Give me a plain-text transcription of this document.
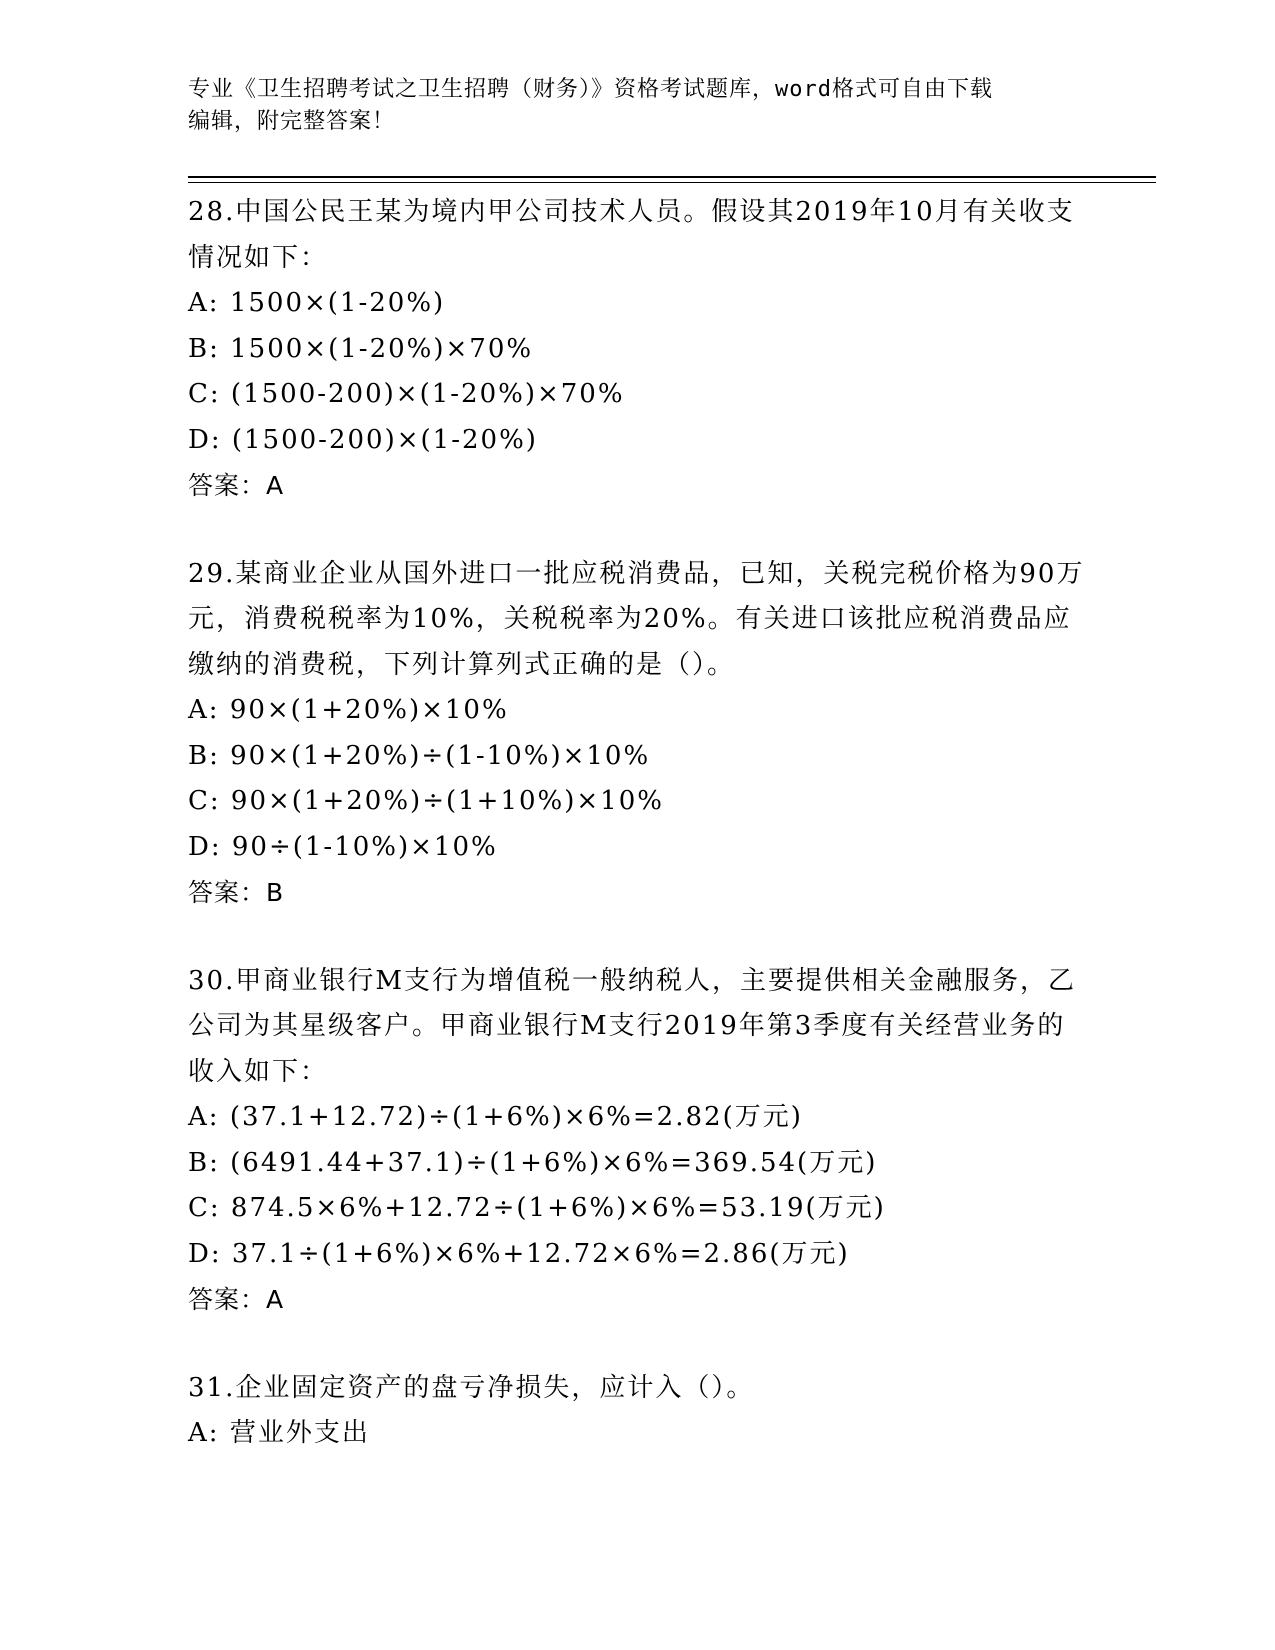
专业《卫生招聘考试之卫生招聘（财务）》资格考试题库，word格式可自由下载
编辑，附完整答案！
28 . 中国公民王某为境内甲公司技术人员。假设其2019年10月有关收支情况如下：
A: 1500×(1-20%)
B: 1500×(1-20%)×70%
C: (1500-200)×(1-20%)×70%
D: (1500-200)×(1-20%)
答案：A
29 . 某商业企业从国外进口一批应税消费品，已知，关税完税价格为90万元，消费税税率为10%，关税税率为20%。有关进口该批应税消费品应缴纳的消费税，下列计算列式正确的是（）。
A: 90×(1+20%)×10%
B: 90×(1+20%)÷(1-10%)×10%
C: 90×(1+20%)÷(1+10%)×10%
D: 90÷(1-10%)×10%
答案：B
30 . 甲商业银行M支行为增值税一般纳税人，主要提供相关金融服务，乙公司为其星级客户。甲商业银行M支行2019年第3季度有关经营业务的收入如下：
A: (37.1+12.72)÷(1+6%)×6%=2.82(万元)
B: (6491.44+37.1)÷(1+6%)×6%=369.54(万元)
C: 874.5×6%+12.72÷(1+6%)×6%=53.19(万元)
D: 37.1÷(1+6%)×6%+12.72×6%=2.86(万元)
答案：A
31 . 企业固定资产的盘亏净损失，应计入（）。
A: 营业外支出
